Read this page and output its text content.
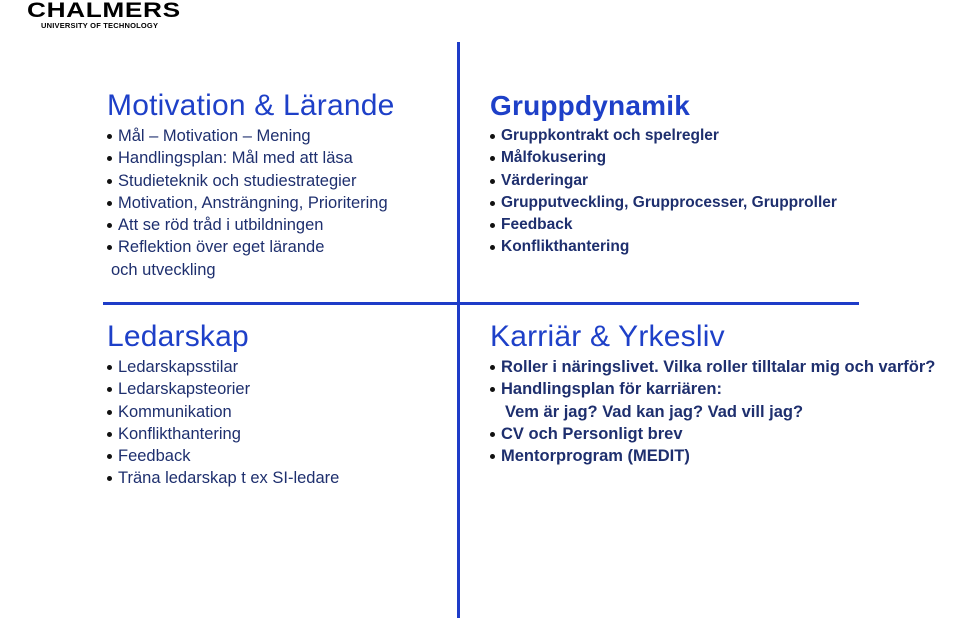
CHALMERS
UNIVERSITY OF TECHNOLOGY
Motivation & Lärande
Mål – Motivation – Mening
Handlingsplan: Mål med att läsa
Studieteknik och studiestrategier
Motivation, Ansträngning, Prioritering
Att se röd tråd i utbildningen
Reflektion över eget lärande
och utveckling
Gruppdynamik
Gruppkontrakt och spelregler
Målfokusering
Värderingar
Grupputveckling, Grupprocesser, Grupproller
Feedback
Konflikthantering
Ledarskap
Ledarskapsstilar
Ledarskapsteorier
Kommunikation
Konflikthantering
Feedback
Träna ledarskap t ex SI-ledare
Karriär & Yrkesliv
Roller i näringslivet. Vilka roller tilltalar mig och varför?
Handlingsplan för karriären:
Vem är jag? Vad kan jag? Vad vill jag?
CV och Personligt brev
Mentorprogram (MEDIT)
